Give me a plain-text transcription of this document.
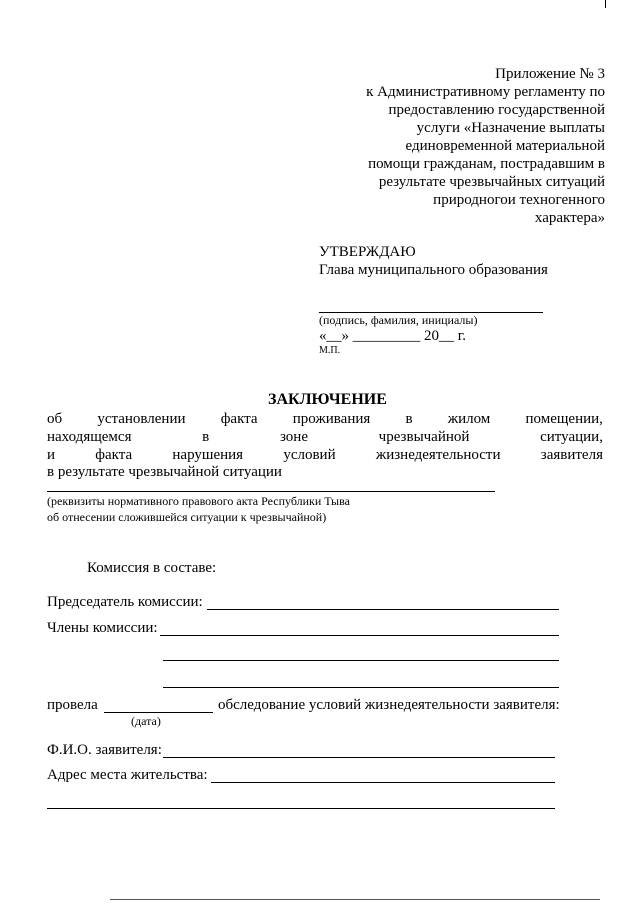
Приложение № 3
к Административному регламенту по
предоставлению государственной
услуги «Назначение выплаты
единовременной материальной
помощи гражданам, пострадавшим в
результате чрезвычайных ситуаций
природногои техногенного
характера»
УТВЕРЖДАЮ
Глава муниципального образования
(подпись, фамилия, инициалы)
«__» _________ 20__ г.
М.П.
ЗАКЛЮЧЕНИЕ
об установлении факта проживания в жилом помещении,
находящемся	в	зоне	чрезвычайной	ситуации,
и	факта	нарушения	условий	жизнедеятельности	заявителя
в результате чрезвычайной ситуации
(реквизиты нормативного правового акта Республики Тыва
об отнесении сложившейся ситуации к чрезвычайной)
Комиссия в составе:
Председатель комиссии:
Члены комиссии:
провела	обследование условий жизнедеятельности заявителя:
(дата)
Ф.И.О. заявителя:
Адрес места жительства:
